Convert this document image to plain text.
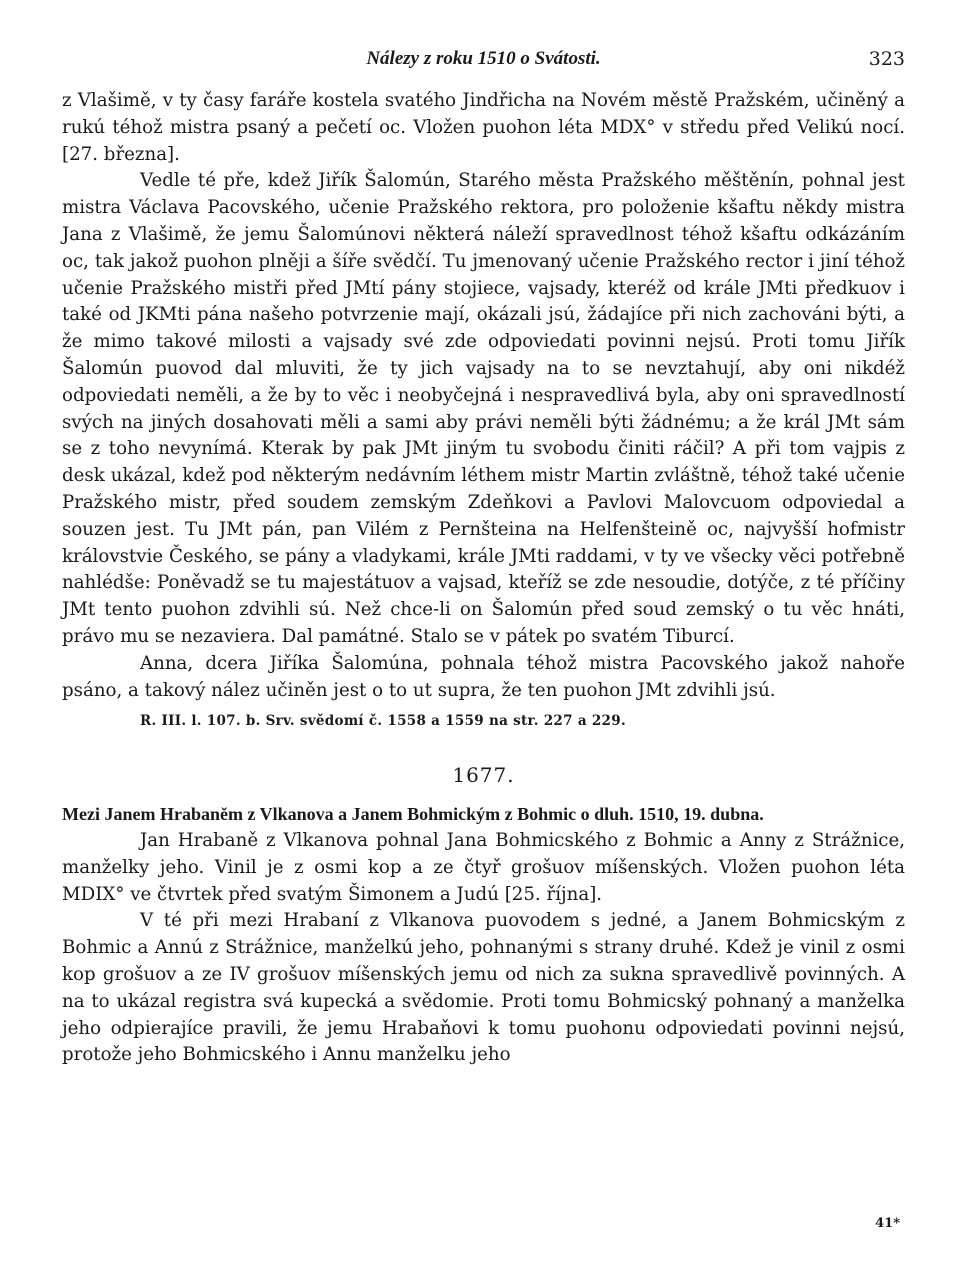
Nálezy z roku 1510 o Svátosti.	323

z Vlašimě, v ty časy faráře kostela svatého Jindřicha na Novém městě Pražském, učiněný a rukú téhož mistra psaný a pečetí oc. Vložen puohon léta MDX° v středu před Velikú nocí. [27. března].

Vedle té pře, kdež Jiřík Šalomún, Starého města Pražského měštěnín, pohnal jest mistra Václava Pacovského, učenie Pražského rektora, pro položenie kšaftu někdy mistra Jana z Vlašimě, že jemu Šalomúnovi některá náleží spravedlnost téhož kšaftu odkázáním oc, tak jakož puohon plněji a šíře svědčí. Tu jmenovaný učenie Pražského rector i jiní téhož učenie Pražského mistři před JMtí pány stojiece, vajsady, kteréž od krále JMti předkuov i také od JKMti pána našeho potvrzenie mají, okázali jsú, žádajíce při nich zachováni býti, a že mimo takové milosti a vajsady své zde odpoviedati povinni nejsú. Proti tomu Jiřík Šalomún puovod dal mluviti, že ty jich vajsady na to se nevztahují, aby oni nikdéž odpoviedati neměli, a že by to věc i neobyčejná i nespravedlivá byla, aby oni spravedlností svých na jiných dosahovati měli a sami aby právi neměli býti žádnému; a že král JMt sám se z toho nevynímá. Kterak by pak JMt jiným tu svobodu činiti ráčil? A při tom vajpis z desk ukázal, kdež pod některým nedávním léthem mistr Martin zvláštně, téhož také učenie Pražského mistr, před soudem zemským Zdeňkovi a Pavlovi Malovcuom odpoviedal a souzen jest. Tu JMt pán, pan Vilém z Pernšteina na Helfenšteině oc, najvyšší hofmistr královstvie Českého, se pány a vladykami, krále JMti raddami, v ty ve všecky věci potřebně nahlédše: Poněvadž se tu majestátuov a vajsad, kteříž se zde nesoudie, dotýče, z té příčiny JMt tento puohon zdvihli sú. Než chce-li on Šalomún před soud zemský o tu věc hnáti, právo mu se nezaviera. Dal památné. Stalo se v pátek po svatém Tiburcí.

Anna, dcera Jiříka Šalomúna, pohnala téhož mistra Pacovského jakož nahoře psáno, a takový nález učiněn jest o to ut supra, že ten puohon JMt zdvihli jsú.

R. III. l. 107. b. Srv. svědomí č. 1558 a 1559 na str. 227 a 229.

1677.

Mezi Janem Hrabaněm z Vlkanova a Janem Bohmickým z Bohmic o dluh. 1510, 19. dubna.

Jan Hrabaně z Vlkanova pohnal Jana Bohmicského z Bohmic a Anny z Strážnice, manželky jeho. Vinil je z osmi kop a ze čtyř grošuov míšenských. Vložen puohon léta MDIX° ve čtvrtek před svatým Šimonem a Judú [25. října].

V té při mezi Hrabaní z Vlkanova puovodem s jedné, a Janem Bohmicským z Bohmic a Annú z Strážnice, manželkú jeho, pohnanými s strany druhé. Kdež je vinil z osmi kop grošuov a ze IV grošuov míšenských jemu od nich za sukna spravedlivě povinných. A na to ukázal registra svá kupecká a svědomie. Proti tomu Bohmicský pohnaný a manželka jeho odpierajíce pravili, že jemu Hrabaňovi k tomu puohonu odpoviedati povinni nejsú, protože jeho Bohmicského i Annu manželku jeho

41*
